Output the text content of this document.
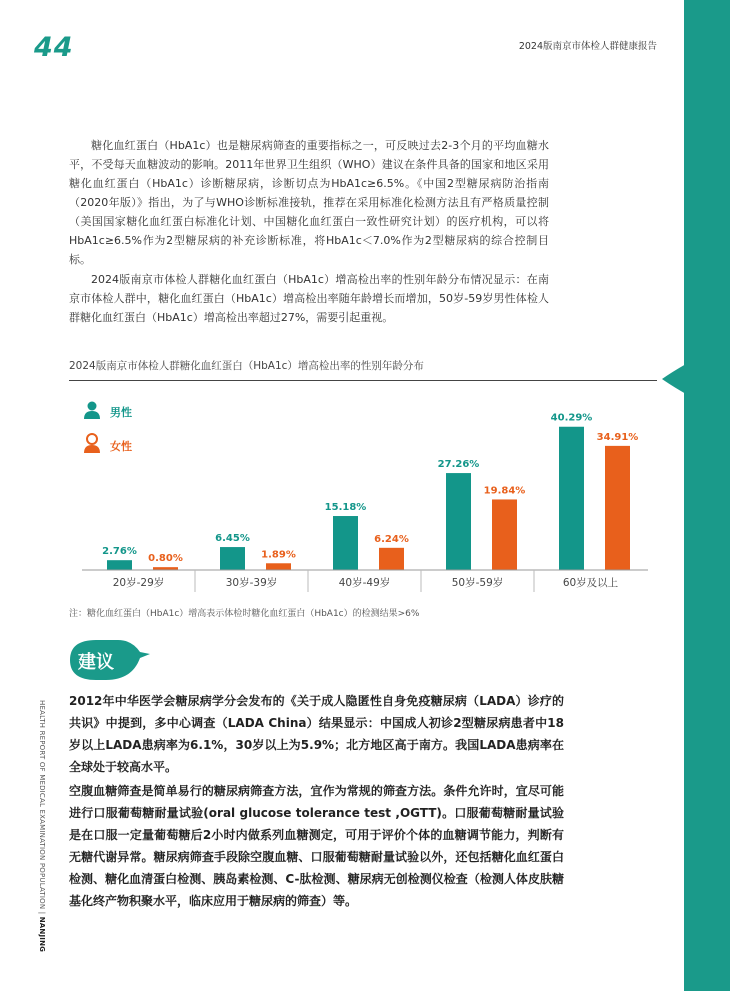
44	2024版南京市体检人群健康报告

糖化血红蛋白（HbA1c）也是糖尿病筛查的重要指标之一，可反映过去2-3个月的平均血糖水平，不受每天血糖波动的影响。2011年世界卫生组织（WHO）建议在条件具备的国家和地区采用糖化血红蛋白（HbA1c）诊断糖尿病，诊断切点为HbA1c≥6.5%。《中国2型糖尿病防治指南（2020年版）》指出，为了与WHO诊断标准接轨，推荐在采用标准化检测方法且有严格质量控制（美国国家糖化血红蛋白标准化计划、中国糖化血红蛋白一致性研究计划）的医疗机构，可以将HbA1c≥6.5%作为2型糖尿病的补充诊断标准，将HbA1c＜7.0%作为2型糖尿病的综合控制目标。

2024版南京市体检人群糖化血红蛋白（HbA1c）增高检出率的性别年龄分布情况显示：在南京市体检人群中，糖化血红蛋白（HbA1c）增高检出率随年龄增长而增加，50岁-59岁男性体检人群糖化血红蛋白（HbA1c）增高检出率超过27%，需要引起重视。

2024版南京市体检人群糖化血红蛋白（HbA1c）增高检出率的性别年龄分布
男性
女性
2.76%
0.80%
6.45%
1.89%
15.18%
6.24%
27.26%
19.84%
40.29%
34.91%
20岁-29岁	30岁-39岁	40岁-49岁	50岁-59岁	60岁及以上
注：糖化血红蛋白（HbA1c）增高表示体检时糖化血红蛋白（HbA1c）的检测结果>6%
建议
HEALTH REPORT OF MEDICAL EXAMINATION POPULATION | NANJING

2012年中华医学会糖尿病学分会发布的《关于成人隐匿性自身免疫糖尿病（LADA）诊疗的共识》中提到，多中心调查（LADA China）结果显示：中国成人初诊2型糖尿病患者中18岁以上LADA患病率为6.1%，30岁以上为5.9%；北方地区高于南方。我国LADA患病率在全球处于较高水平。

空腹血糖筛查是简单易行的糖尿病筛查方法，宜作为常规的筛查方法。条件允许时，宜尽可能进行口服葡萄糖耐量试验(oral glucose tolerance test ,OGTT)。口服葡萄糖耐量试验是在口服一定量葡萄糖后2小时内做系列血糖测定，可用于评价个体的血糖调节能力，判断有无糖代谢异常。糖尿病筛查手段除空腹血糖、口服葡萄糖耐量试验以外，还包括糖化血红蛋白检测、糖化血清蛋白检测、胰岛素检测、C-肽检测、糖尿病无创检测仪检查（检测人体皮肤糖基化终产物积聚水平，临床应用于糖尿病的筛查）等。
